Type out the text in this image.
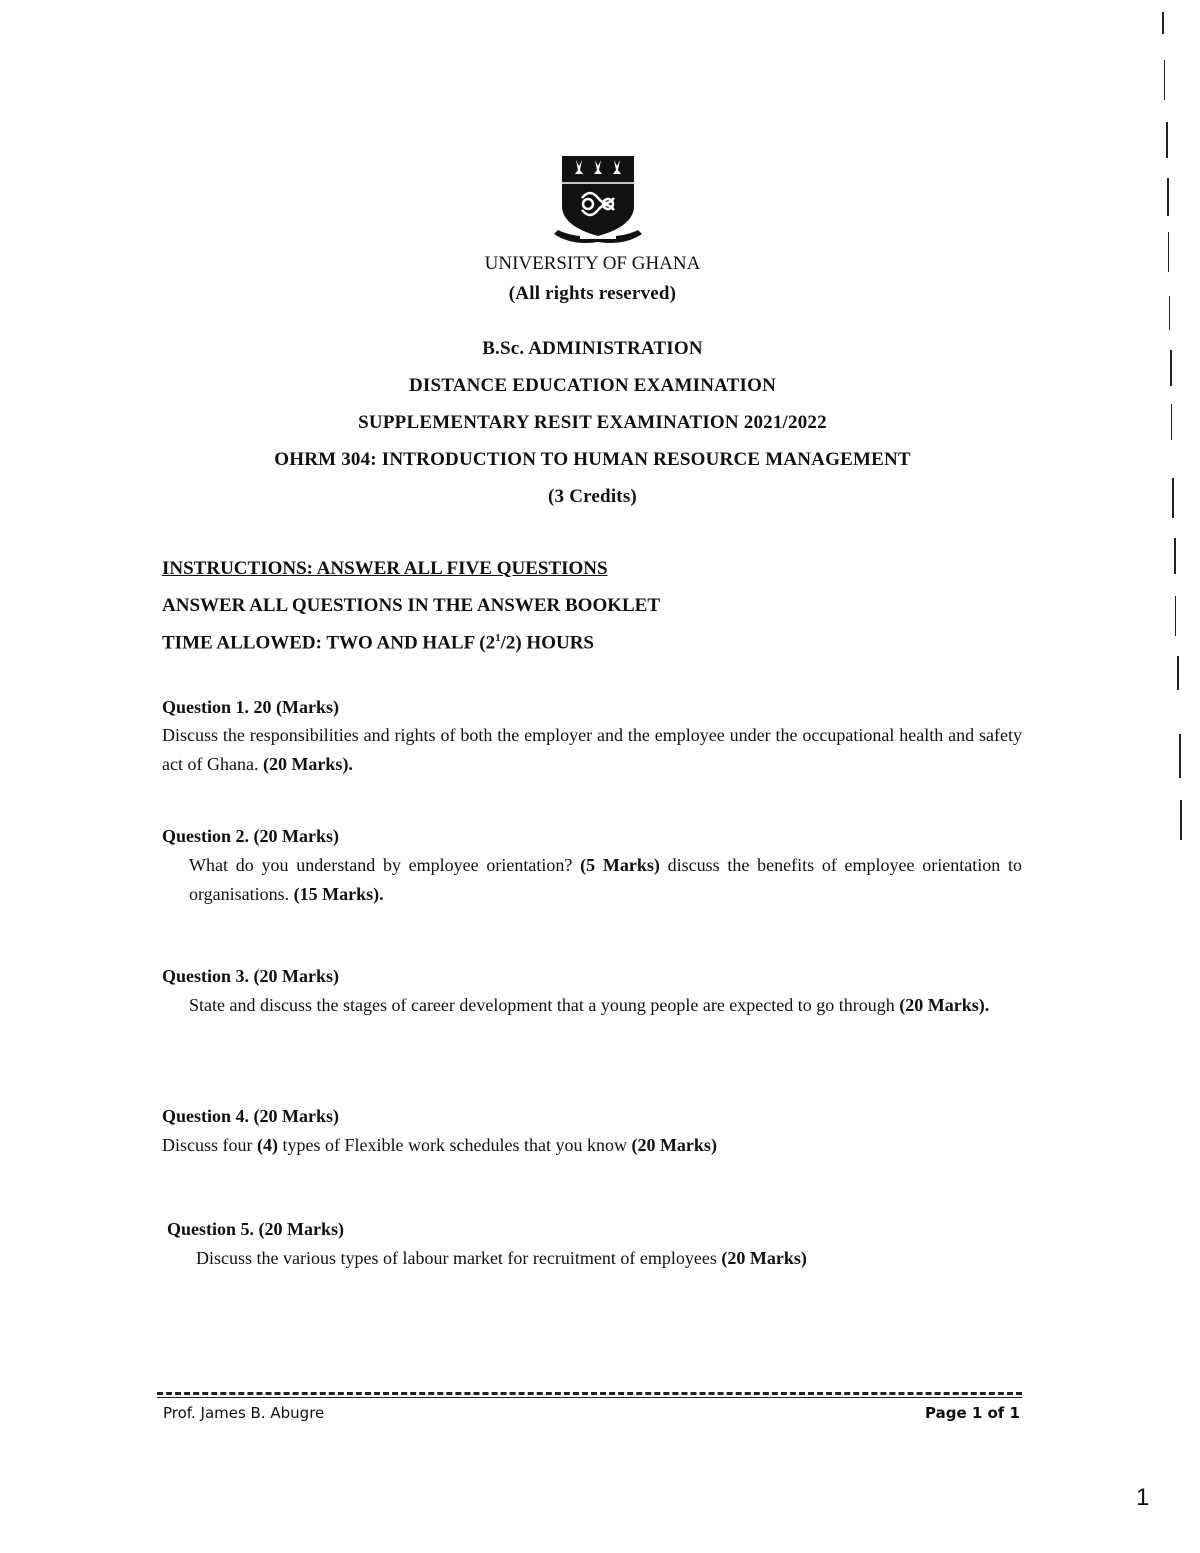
UNIVERSITY OF GHANA
(All rights reserved)
B.Sc. ADMINISTRATION
DISTANCE EDUCATION EXAMINATION
SUPPLEMENTARY RESIT EXAMINATION 2021/2022
OHRM 304: INTRODUCTION TO HUMAN RESOURCE MANAGEMENT
(3 Credits)
INSTRUCTIONS: ANSWER ALL FIVE QUESTIONS
ANSWER ALL QUESTIONS IN THE ANSWER BOOKLET
TIME ALLOWED: TWO AND HALF $(2^1/2)$ HOURS
Question 1. 20 (Marks)
Discuss the responsibilities and rights of both the employer and the employee under the occupational health and safety act of Ghana. (20 Marks).
Question 2. (20 Marks)
What do you understand by employee orientation? (5 Marks) discuss the benefits of employee orientation to organisations. (15 Marks).
Question 3. (20 Marks)
State and discuss the stages of career development that a young people are expected to go through (20 Marks).
Question 4. (20 Marks)
Discuss four (4) types of Flexible work schedules that you know (20 Marks)
Question 5. (20 Marks)
Discuss the various types of labour market for recruitment of employees (20 Marks)
Prof. James B. Abugre	Page 1 of 1
1
